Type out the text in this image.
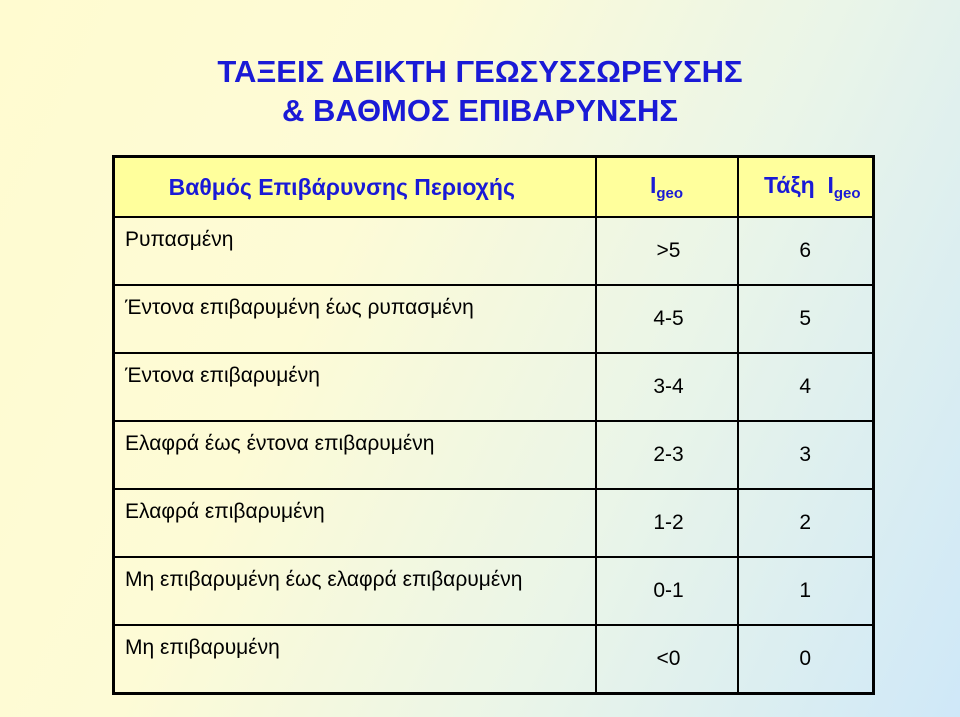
ΤΑΞΕΙΣ ΔΕΙΚΤΗ ΓΕΩΣΥΣΣΩΡΕΥΣΗΣ
& ΒΑΘΜΟΣ ΕΠΙΒΑΡΥΝΣΗΣ
Βαθμός Επιβάρυνσης Περιοχής	$I_{geo}$	Τάξη  $I_{geo}$
Ρυπασμένη	>5	6
Έντονα επιβαρυμένη έως ρυπασμένη	4-5	5
Έντονα επιβαρυμένη	3-4	4
Ελαφρά έως έντονα επιβαρυμένη	2-3	3
Ελαφρά επιβαρυμένη	1-2	2
Μη επιβαρυμένη έως ελαφρά επιβαρυμένη	0-1	1
Μη επιβαρυμένη	<0	0
